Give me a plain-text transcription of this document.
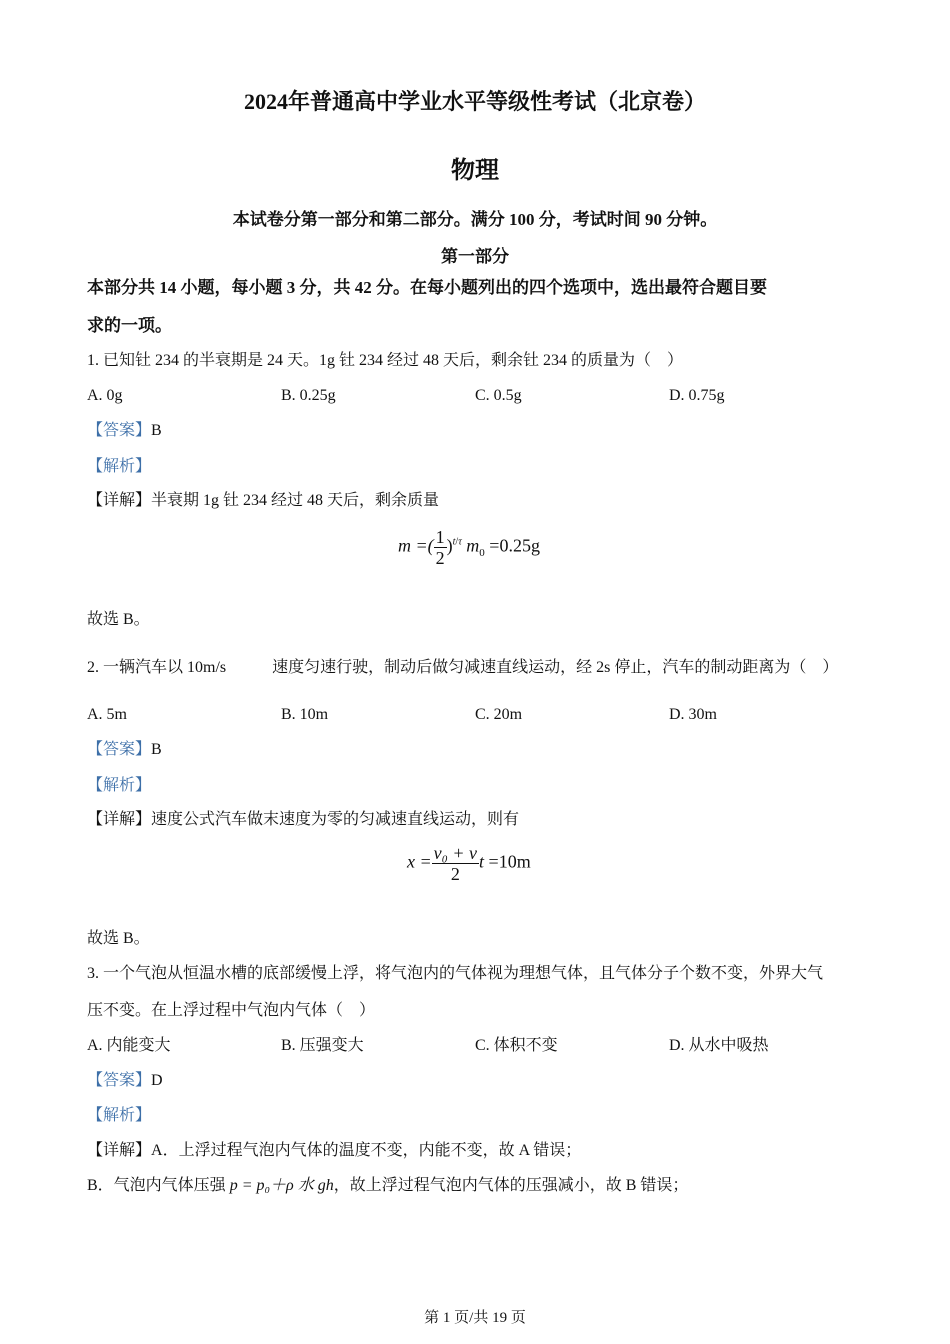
2024年普通高中学业水平等级性考试（北京卷）
物理
本试卷分第一部分和第二部分。满分 100 分，考试时间 90 分钟。
第一部分
本部分共 14 小题，每小题 3 分，共 42 分。在每小题列出的四个选项中，选出最符合题目要
求的一项。
1. 已知钍 234 的半衰期是 24 天。1g 钍 234 经过 48 天后，剩余钍 234 的质量为（　）
A. 0g	B. 0.25g	C. 0.5g	D. 0.75g
【答案】B
【解析】
【详解】半衰期 1g 钍 234 经过 48 天后，剩余质量
m =( $\frac{1}{2} )^{t/\tau}$ $m_0 =0.25g$
故选 B。
2. 一辆汽车以 10m/s	速度匀速行驶，制动后做匀减速直线运动，经 2s 停止，汽车的制动距离为（　）
A. 5m	B. 10m	C. 20m	D. 30m
【答案】B
【解析】
【详解】速度公式汽车做末速度为零的匀减速直线运动，则有
$x = \frac{\text{v₀ + v}}{2}$ t =10m
故选 B。
3. 一个气泡从恒温水槽的底部缓慢上浮，将气泡内的气体视为理想气体，且气体分子个数不变，外界大气
压不变。在上浮过程中气泡内气体（　）
A. 内能变大	B. 压强变大	C. 体积不变	D. 从水中吸热
【答案】D
【解析】
【详解】A．上浮过程气泡内气体的温度不变，内能不变，故 A 错误；
B．气泡内气体压强 p = p₀＋ρ 水 gh，故上浮过程气泡内气体的压强减小，故 B 错误；
第 1 页/共 19 页
